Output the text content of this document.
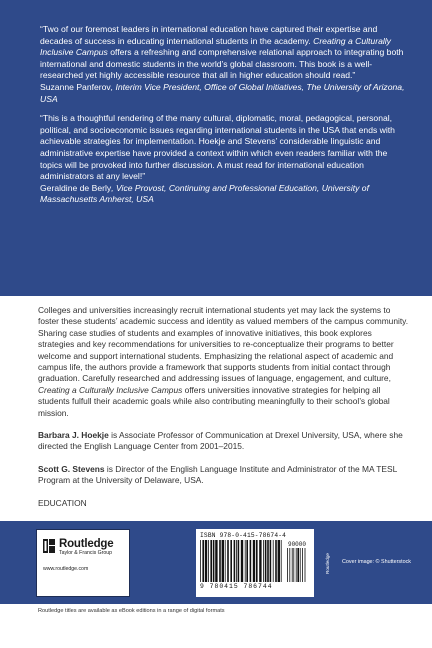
“Two of our foremost leaders in international education have captured their expertise and decades of success in educating international students in the academy. Creating a Culturally Inclusive Campus offers a refreshing and comprehensive relational approach to integrating both international and domestic students in the world’s global classroom. This book is a well-researched yet highly accessible resource that all in higher education should read.”
Suzanne Panferov, Interim Vice President, Office of Global Initiatives, The University of Arizona, USA
“This is a thoughtful rendering of the many cultural, diplomatic, moral, pedagogical, personal, political, and socioeconomic issues regarding international students in the USA that ends with achievable strategies for implementation. Hoekje and Stevens’ considerable linguistic and administrative expertise have provided a context within which even readers familiar with the topics will be provoked into further discussion. A must read for international education administrators at any level!”
Geraldine de Berly, Vice Provost, Continuing and Professional Education, University of Massachusetts Amherst, USA

Colleges and universities increasingly recruit international students yet may lack the systems to foster these students’ academic success and identity as valued members of the campus community. Sharing case studies of students and examples of innovative initiatives, this book explores strategies and key recommendations for universities to re-conceptualize their programs to better welcome and support international students. Emphasizing the relational aspect of academic and campus life, the authors provide a framework that supports students from initial contact through graduation. Carefully researched and addressing issues of language, engagement, and culture, Creating a Culturally Inclusive Campus offers universities innovative strategies for helping all students fulfull their academic goals while also contributing meaningfully to their school’s global mission.

Barbara J. Hoekje is Associate Professor of Communication at Drexel University, USA, where she directed the English Language Center from 2001–2015.

Scott G. Stevens is Director of the English Language Institute and Administrator of the MA TESL Program at the University of Delaware, USA.

EDUCATION

Routledge
Taylor & Francis Group
www.routledge.com
ISBN 978-0-415-78674-4
90000
9 780415 786744
Routledge Cover image: © Shutterstock
Routledge titles are available as eBook editions in a range of digital formats
